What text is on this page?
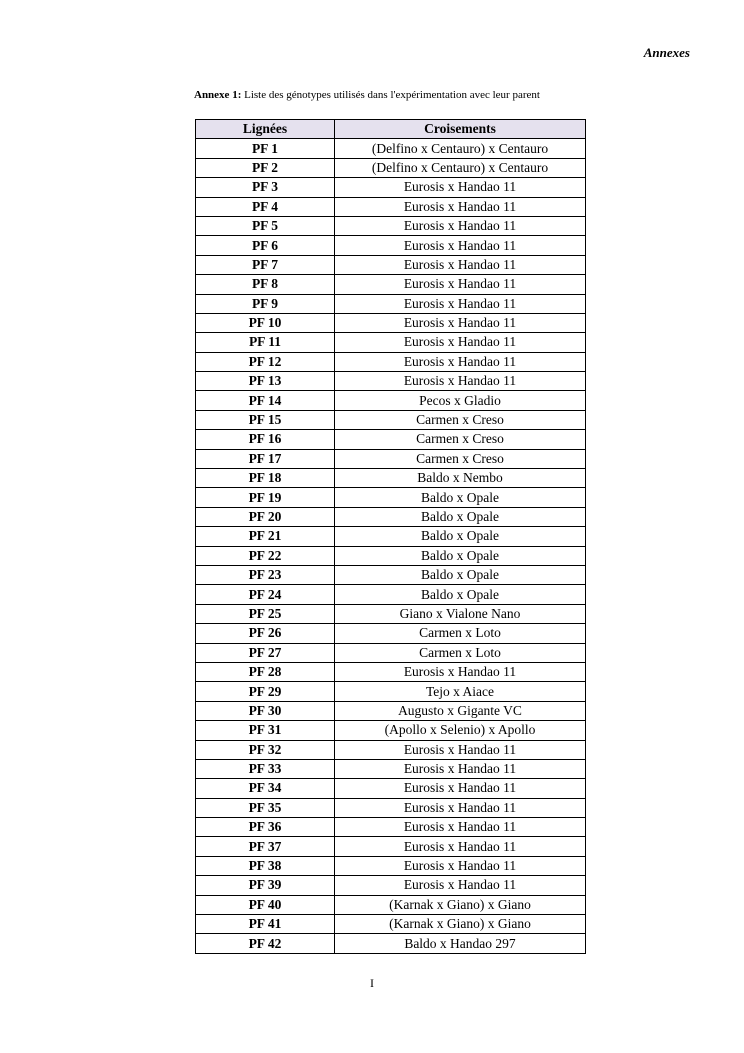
Annexes
Annexe 1: Liste des génotypes utilisés dans l'expérimentation avec leur parent
Lignées	Croisements
PF 1	(Delfino x Centauro) x Centauro
PF 2	(Delfino x Centauro) x Centauro
PF 3	Eurosis x Handao 11
PF 4	Eurosis x Handao 11
PF 5	Eurosis x Handao 11
PF 6	Eurosis x Handao 11
PF 7	Eurosis x Handao 11
PF 8	Eurosis x Handao 11
PF 9	Eurosis x Handao 11
PF 10	Eurosis x Handao 11
PF 11	Eurosis x Handao 11
PF 12	Eurosis x Handao 11
PF 13	Eurosis x Handao 11
PF 14	Pecos x Gladio
PF 15	Carmen x Creso
PF 16	Carmen x Creso
PF 17	Carmen x Creso
PF 18	Baldo x Nembo
PF 19	Baldo x Opale
PF 20	Baldo x Opale
PF 21	Baldo x Opale
PF 22	Baldo x Opale
PF 23	Baldo x Opale
PF 24	Baldo x Opale
PF 25	Giano x Vialone Nano
PF 26	Carmen x Loto
PF 27	Carmen x Loto
PF 28	Eurosis x Handao 11
PF 29	Tejo x Aiace
PF 30	Augusto x Gigante VC
PF 31	(Apollo x Selenio) x Apollo
PF 32	Eurosis x Handao 11
PF 33	Eurosis x Handao 11
PF 34	Eurosis x Handao 11
PF 35	Eurosis x Handao 11
PF 36	Eurosis x Handao 11
PF 37	Eurosis x Handao 11
PF 38	Eurosis x Handao 11
PF 39	Eurosis x Handao 11
PF 40	(Karnak x Giano) x Giano
PF 41	(Karnak x Giano) x Giano
PF 42	Baldo x Handao 297
I
